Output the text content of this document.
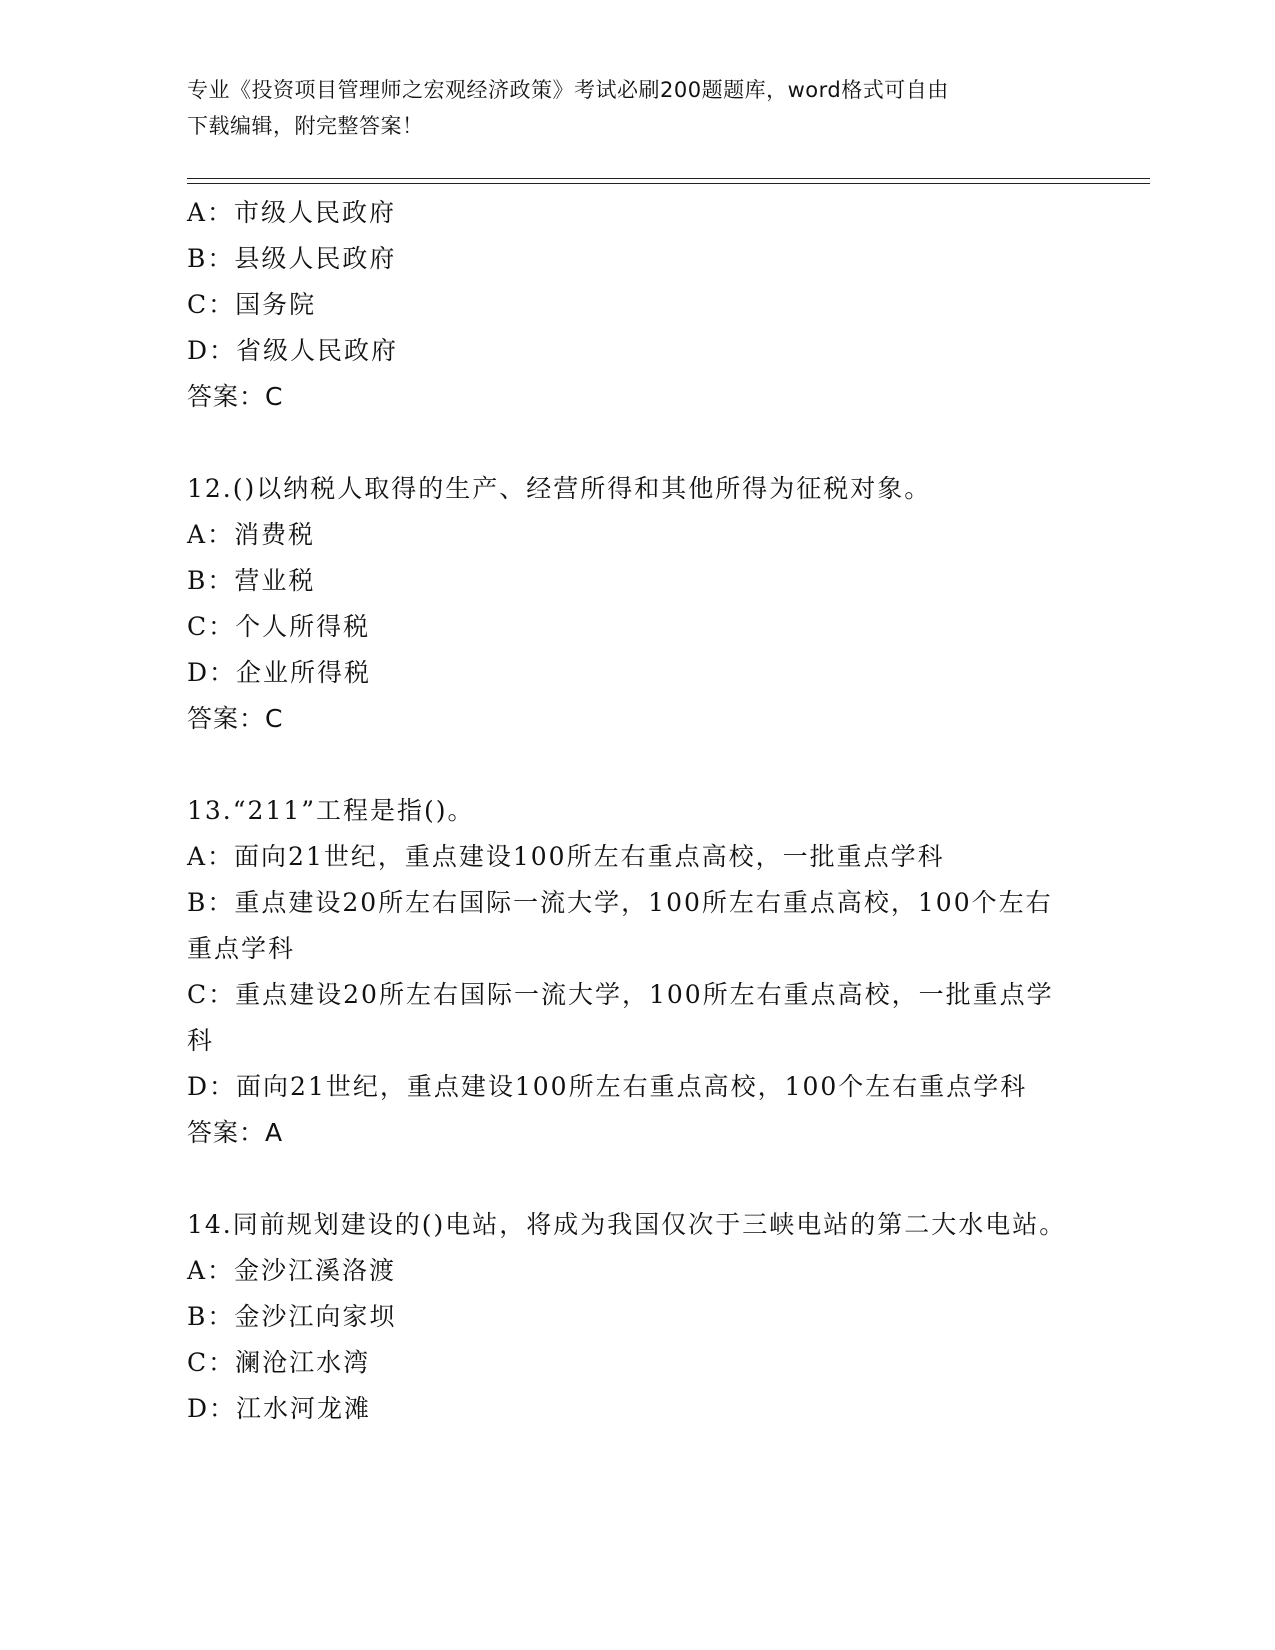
专业《投资项目管理师之宏观经济政策》考试必刷200题题库，word格式可自由
下载编辑，附完整答案！
A：市级人民政府
B：县级人民政府
C：国务院
D：省级人民政府
答案：C
12.()以纳税人取得的生产、经营所得和其他所得为征税对象。
A：消费税
B：营业税
C：个人所得税
D：企业所得税
答案：C
13.“211”工程是指()。
A：面向21世纪，重点建设100所左右重点高校，一批重点学科
B：重点建设20所左右国际一流大学，100所左右重点高校，100个左右重点学科
C：重点建设20所左右国际一流大学，100所左右重点高校，一批重点学科
D：面向21世纪，重点建设100所左右重点高校，100个左右重点学科
答案：A
14.同前规划建设的()电站，将成为我国仅次于三峡电站的第二大水电站。
A：金沙江溪洛渡
B：金沙江向家坝
C：澜沧江水湾
D：江水河龙滩
